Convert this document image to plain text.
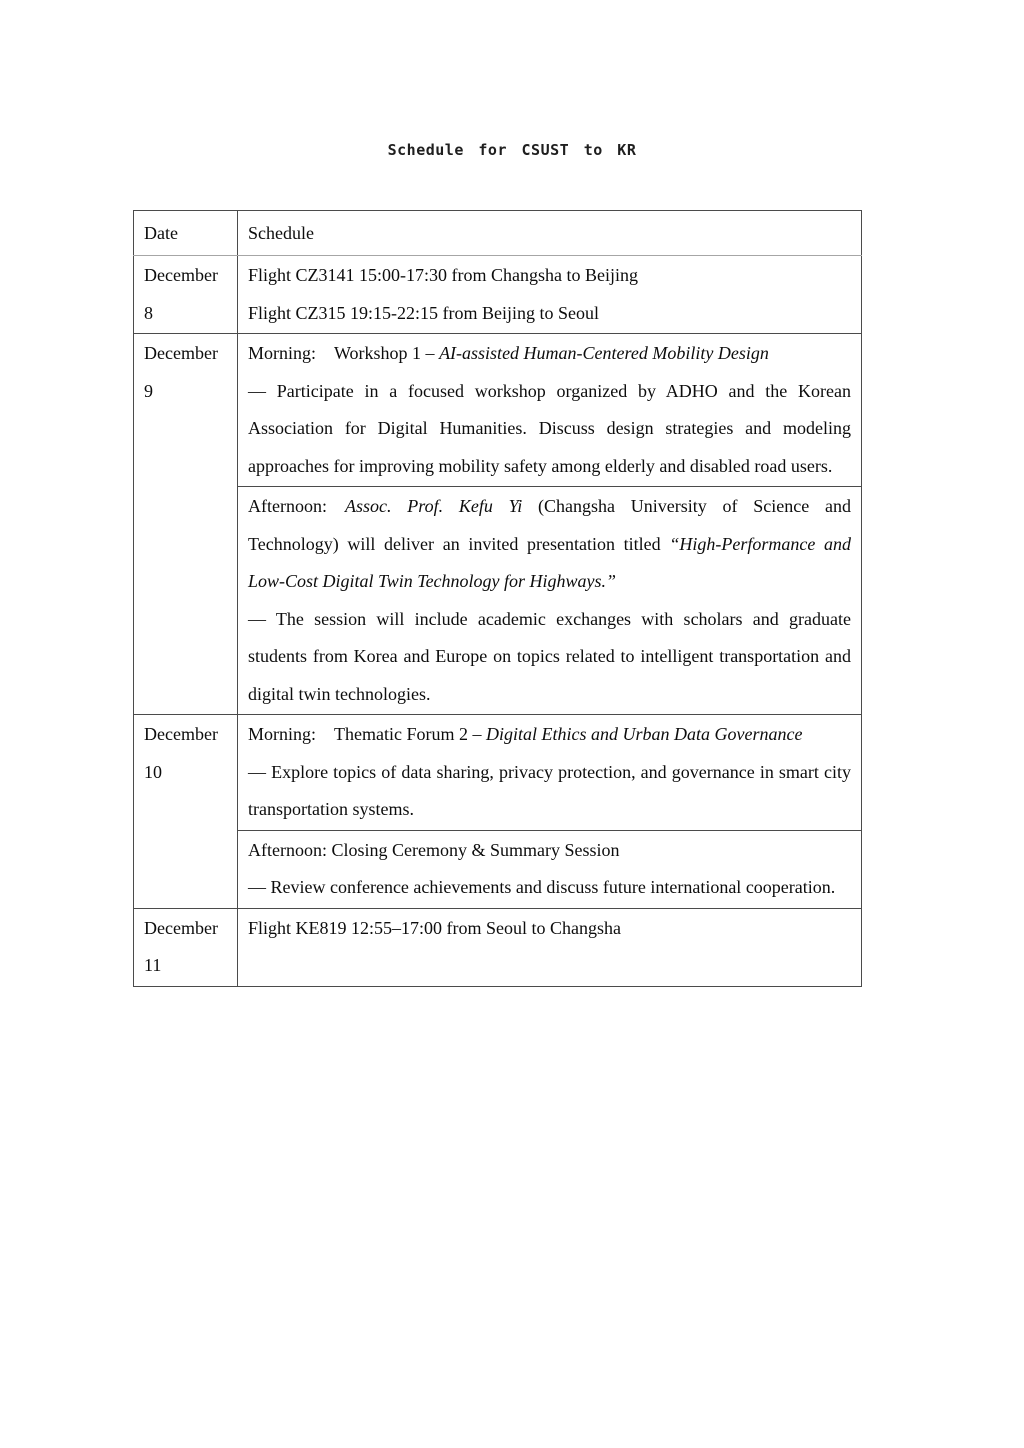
Schedule for CSUST to KR
Date	Schedule
December 8	Flight CZ3141 15:00-17:30 from Changsha to Beijing

Flight CZ315 19:15-22:15 from Beijing to Seoul

December 9	Morning: Workshop 1 – AI-assisted Human-Centered Mobility Design

— Participate in a focused workshop organized by ADHO and the Korean Association for Digital Humanities. Discuss design strategies and modeling approaches for improving mobility safety among elderly and disabled road users.

	Afternoon: Assoc. Prof. Kefu Yi (Changsha University of Science and Technology) will deliver an invited presentation titled “High-Performance and Low-Cost Digital Twin Technology for Highways.”

— The session will include academic exchanges with scholars and graduate students from Korea and Europe on topics related to intelligent transportation and digital twin technologies.

December 10	Morning: Thematic Forum 2 – Digital Ethics and Urban Data Governance

— Explore topics of data sharing, privacy protection, and governance in smart city transportation systems.

	Afternoon: Closing Ceremony & Summary Session

— Review conference achievements and discuss future international cooperation.

December 11	Flight KE819 12:55–17:00 from Seoul to Changsha
